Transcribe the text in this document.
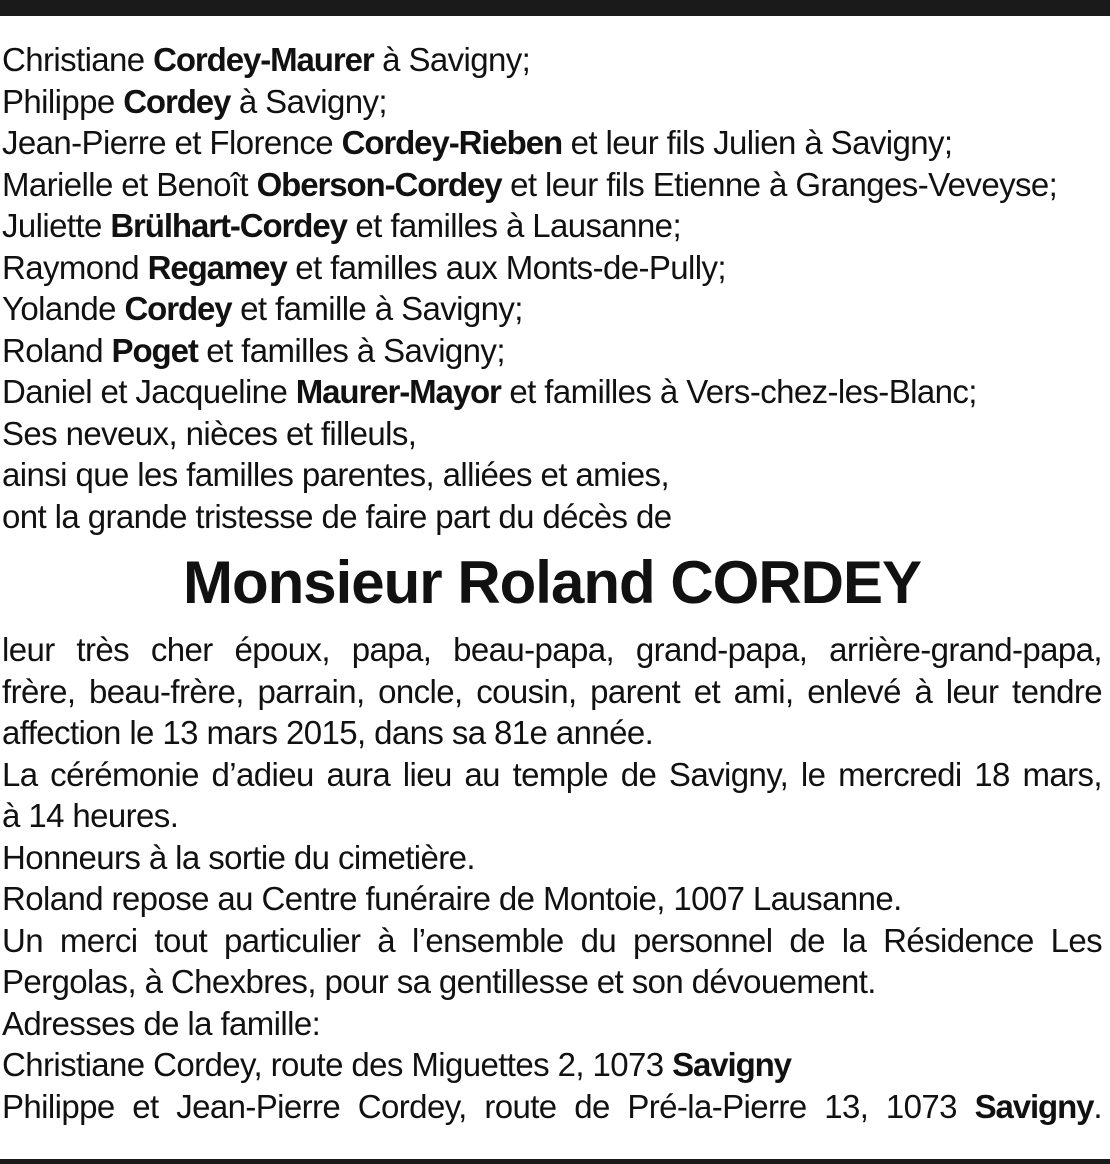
Christiane Cordey-Maurer à Savigny;
Philippe Cordey à Savigny;
Jean-Pierre et Florence Cordey-Rieben et leur fils Julien à Savigny;
Marielle et Benoît Oberson-Cordey et leur fils Etienne à Granges-Veveyse;
Juliette Brülhart-Cordey et familles à Lausanne;
Raymond Regamey et familles aux Monts-de-Pully;
Yolande Cordey et famille à Savigny;
Roland Poget et familles à Savigny;
Daniel et Jacqueline Maurer-Mayor et familles à Vers-chez-les-Blanc;
Ses neveux, nièces et filleuls,
ainsi que les familles parentes, alliées et amies,
ont la grande tristesse de faire part du décès de
Monsieur Roland CORDEY
leur très cher époux, papa, beau-papa, grand-papa, arrière-grand-papa,
frère, beau-frère, parrain, oncle, cousin, parent et ami, enlevé à leur tendre
affection le 13 mars 2015, dans sa 81e année.
La cérémonie d’adieu aura lieu au temple de Savigny, le mercredi 18 mars,
à 14 heures.
Honneurs à la sortie du cimetière.
Roland repose au Centre funéraire de Montoie, 1007 Lausanne.
Un merci tout particulier à l’ensemble du personnel de la Résidence Les
Pergolas, à Chexbres, pour sa gentillesse et son dévouement.
Adresses de la famille:
Christiane Cordey, route des Miguettes 2, 1073 Savigny
Philippe et Jean-Pierre Cordey, route de Pré-la-Pierre 13, 1073 Savigny.
